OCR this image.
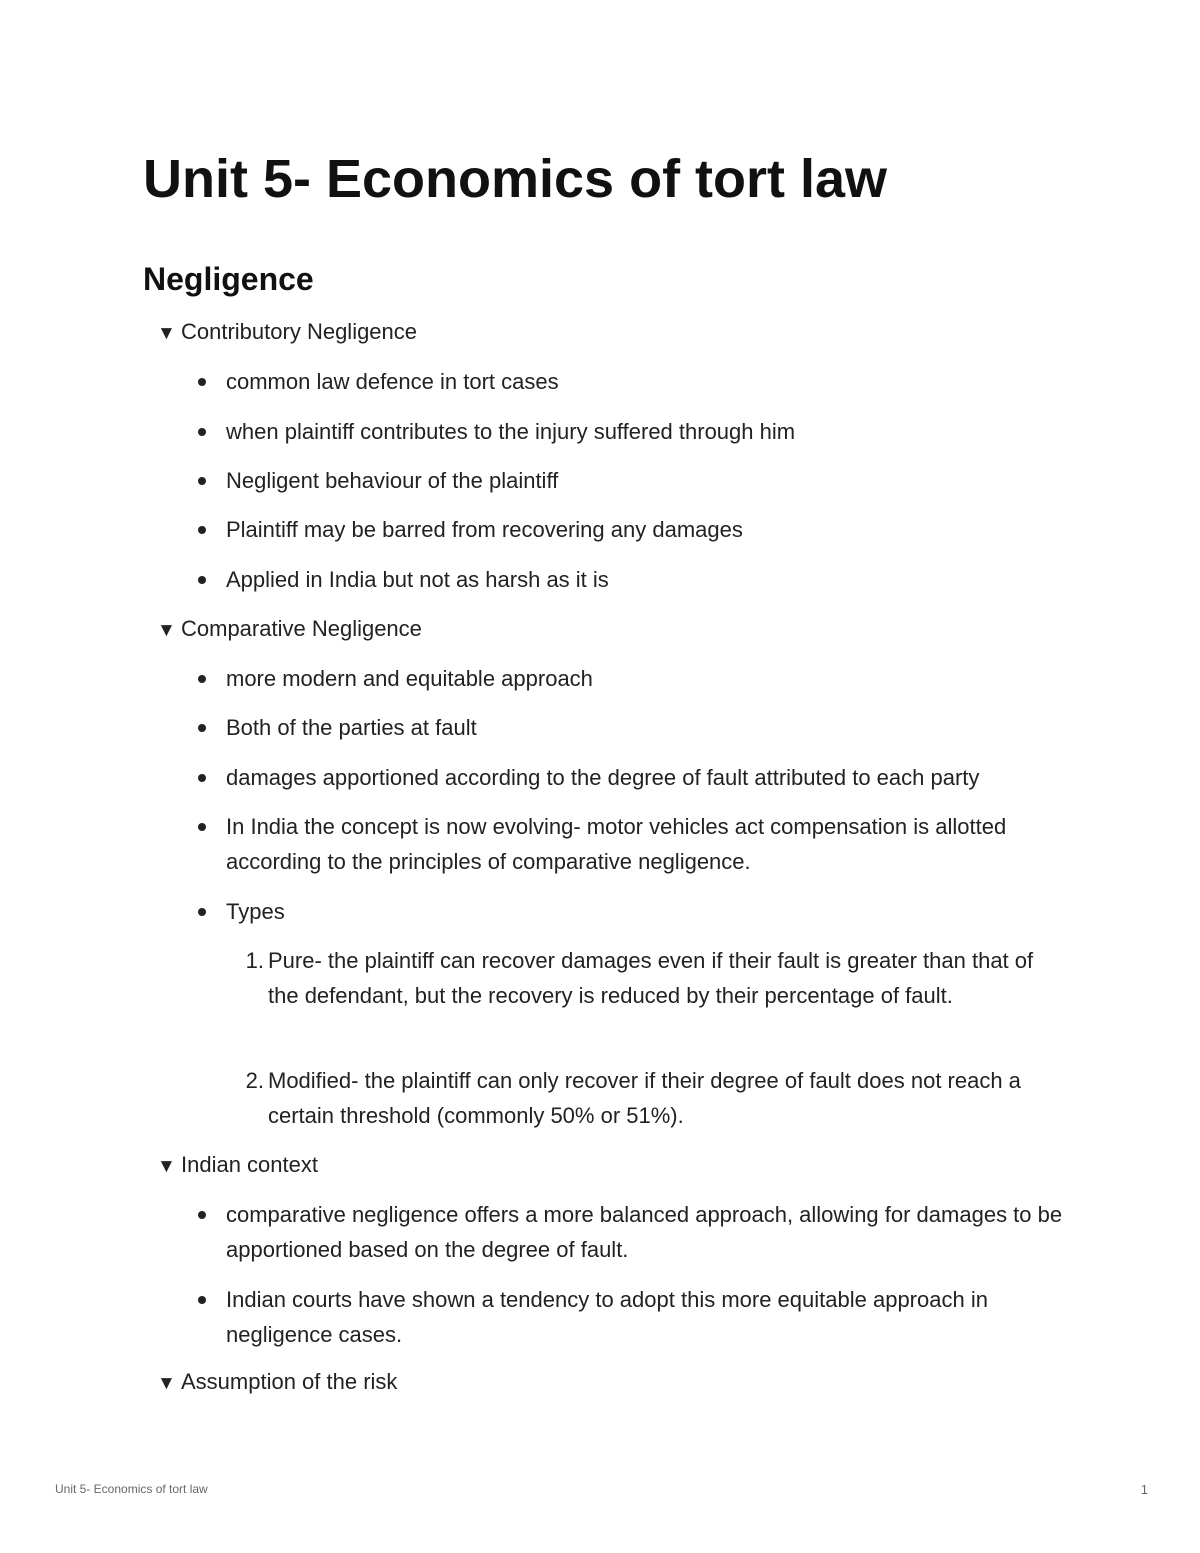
Unit 5- Economics of tort law
Negligence
▼ Contributory Negligence
common law defence in tort cases
when plaintiff contributes to the injury suffered through him
Negligent behaviour of the plaintiff
Plaintiff may be barred from recovering any damages
Applied in India but not as harsh as it is
▼ Comparative Negligence
more modern and equitable approach
Both of the parties at fault
damages apportioned according to the degree of fault attributed to each party
In India the concept is now evolving- motor vehicles act compensation is allotted according to the principles of comparative negligence.
Types
1. Pure- the plaintiff can recover damages even if their fault is greater than that of the defendant, but the recovery is reduced by their percentage of fault.
2. Modified- the plaintiff can only recover if their degree of fault does not reach a certain threshold (commonly 50% or 51%).
▼ Indian context
comparative negligence offers a more balanced approach, allowing for damages to be apportioned based on the degree of fault.
Indian courts have shown a tendency to adopt this more equitable approach in negligence cases.
▼ Assumption of the risk
Unit 5- Economics of tort law	1
